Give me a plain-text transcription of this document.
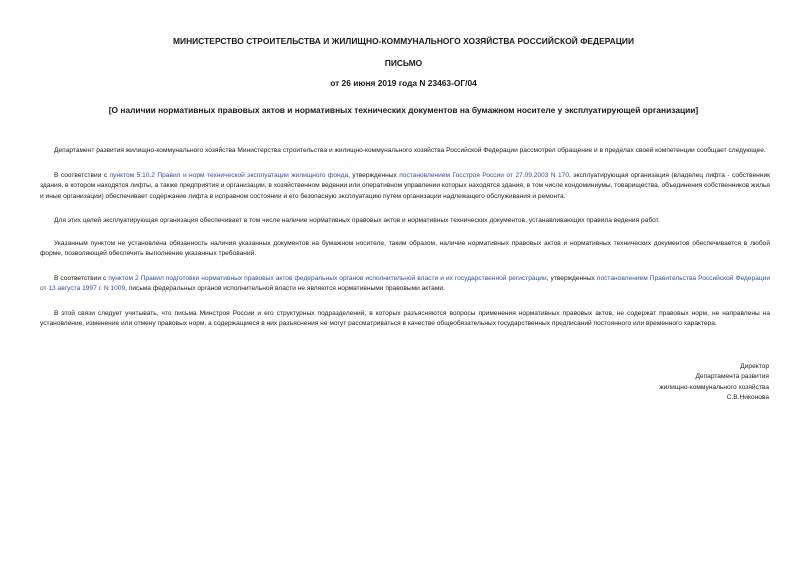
МИНИСТЕРСТВО СТРОИТЕЛЬСТВА И ЖИЛИЩНО-КОММУНАЛЬНОГО ХОЗЯЙСТВА РОССИЙСКОЙ ФЕДЕРАЦИИ
ПИСЬМО
от 26 июня 2019 года N 23463-ОГ/04
[О наличии нормативных правовых актов и нормативных технических документов на бумажном носителе у эксплуатирующей организации]

Департамент развития жилищно-коммунального хозяйства Министерства строительства и жилищно-коммунального хозяйства Российской Федерации рассмотрел обращение и в пределах своей компетенции сообщает следующее.

В соответствии с пунктом 5.10.2 Правил и норм технической эксплуатации жилищного фонда, утвержденных постановлением Госстроя России от 27.09.2003 N 170, эксплуатирующая организация (владелец лифта - собственник здания, в котором находятся лифты, а также предприятия и организации, в хозяйственном ведении или оперативном управлении которых находятся здания, в том числе кондоминиумы, товарищества, объединения собственников жилья и иные организации) обеспечивает содержание лифта в исправном состоянии и его безопасную эксплуатацию путем организации надлежащего обслуживания и ремонта.

Для этих целей эксплуатирующая организация обеспечивает в том числе наличие нормативных правовых актов и нормативных технических документов, устанавливающих правила ведения работ.

Указанным пунктом не установлена обязанность наличия указанных документов на бумажном носителе, таким образом, наличие нормативных правовых актов и нормативных технических документов обеспечивается в любой форме, позволяющей обеспечить выполнение указанных требований.

В соответствии с пунктом 2 Правил подготовки нормативных правовых актов федеральных органов исполнительной власти и их государственной регистрации, утвержденных постановлением Правительства Российской Федерации от 13 августа 1997 г. N 1009, письма федеральных органов исполнительной власти не являются нормативными правовыми актами.

В этой связи следует учитывать, что письма Минстроя России и его структурных подразделений, в которых разъясняются вопросы применения нормативных правовых актов, не содержат правовых норм, не направлены на установление, изменение или отмену правовых норм, а содержащиеся в них разъяснения не могут рассматриваться в качестве общеобязательных государственных предписаний постоянного или временного характера.

Директор
Департамента развития
жилищно-коммунального хозяйства
С.В.Никонова
